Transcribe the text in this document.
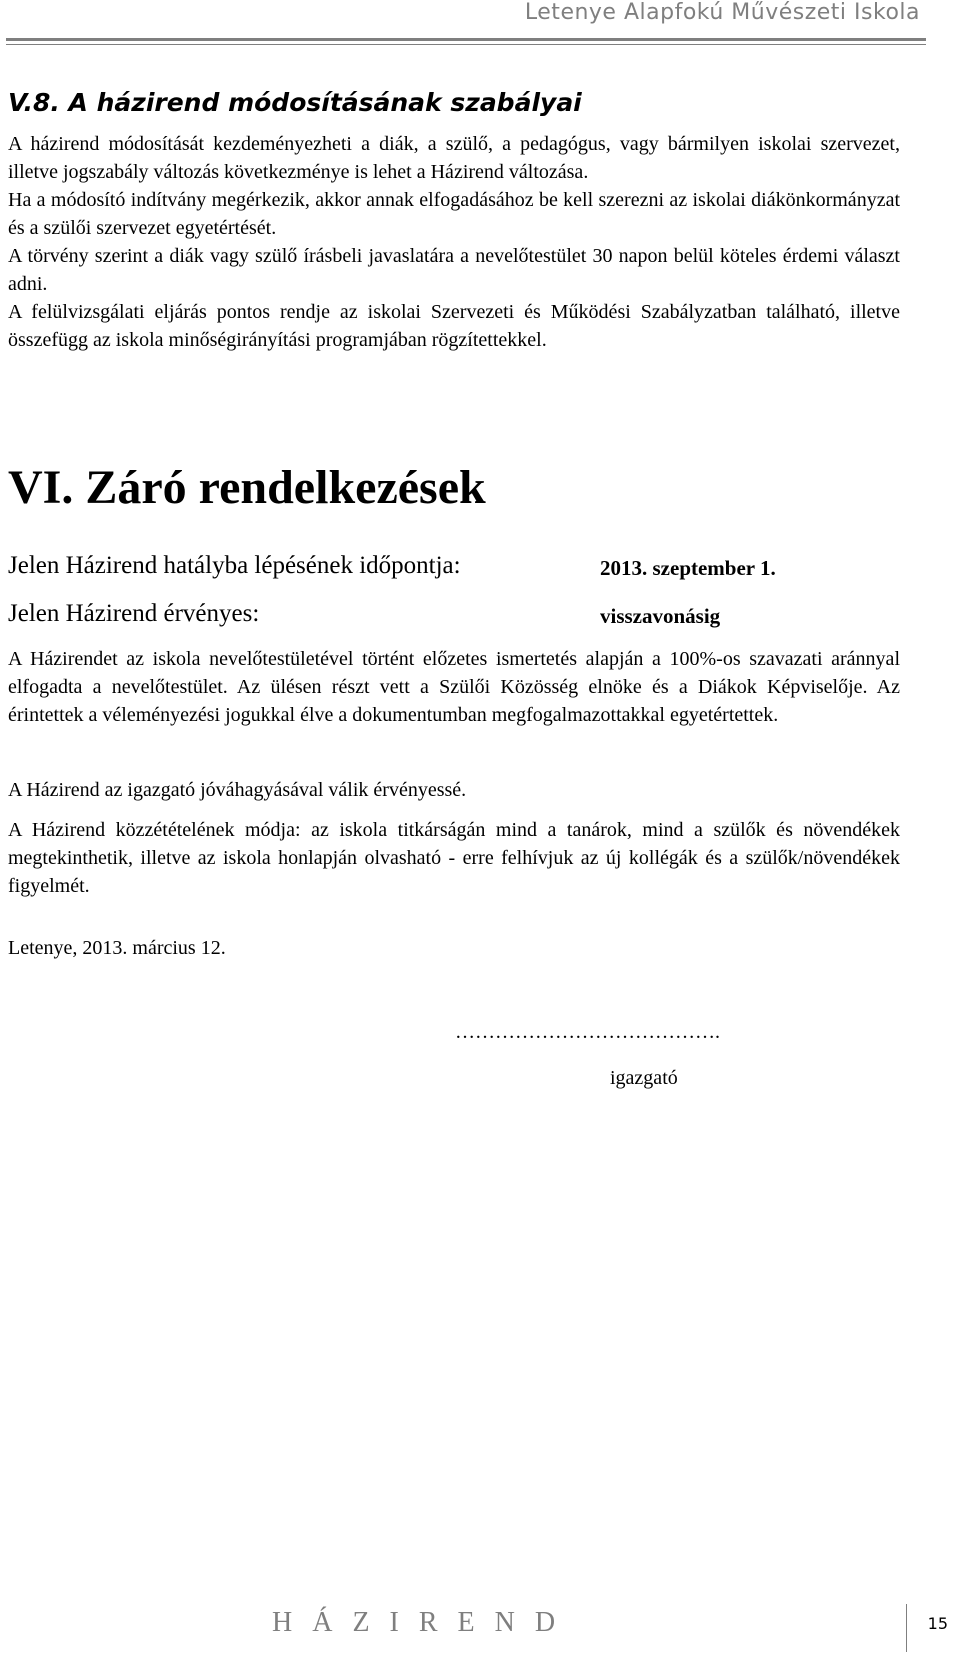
Letenye Alapfokú Művészeti Iskola
V.8. A házirend módosításának szabályai

A házirend módosítását kezdeményezheti a diák, a szülő, a pedagógus, vagy bármilyen iskolai szervezet, illetve jogszabály változás következménye is lehet a Házirend változása.

Ha a módosító indítvány megérkezik, akkor annak elfogadásához be kell szerezni az iskolai diákönkormányzat és a szülői szervezet egyetértését.

A törvény szerint a diák vagy szülő írásbeli javaslatára a nevelőtestület 30 napon belül köteles érdemi választ adni.

A felülvizsgálati eljárás pontos rendje az iskolai Szervezeti és Működési Szabályzatban található, illetve összefügg az iskola minőségirányítási programjában rögzítettekkel.

VI. Záró rendelkezések
Jelen Házirend hatályba lépésének időpontja:	2013. szeptember 1.
Jelen Házirend érvényes:	visszavonásig

A Házirendet az iskola nevelőtestületével történt előzetes ismertetés alapján a 100%-os szavazati aránnyal elfogadta a nevelőtestület. Az ülésen részt vett a Szülői Közösség elnöke és a Diákok Képviselője. Az érintettek a véleményezési jogukkal élve a dokumentumban megfogalmazottakkal egyetértettek.

A Házirend az igazgató jóváhagyásával válik érvényessé.

A Házirend közzétételének módja: az iskola titkárságán mind a tanárok, mind a szülők és növendékek megtekinthetik, illetve az iskola honlapján olvasható - erre felhívjuk az új kollégák és a szülők/növendékek figyelmét.

Letenye, 2013. március 12.

………………………………….
igazgató
HÁZIREND	15
